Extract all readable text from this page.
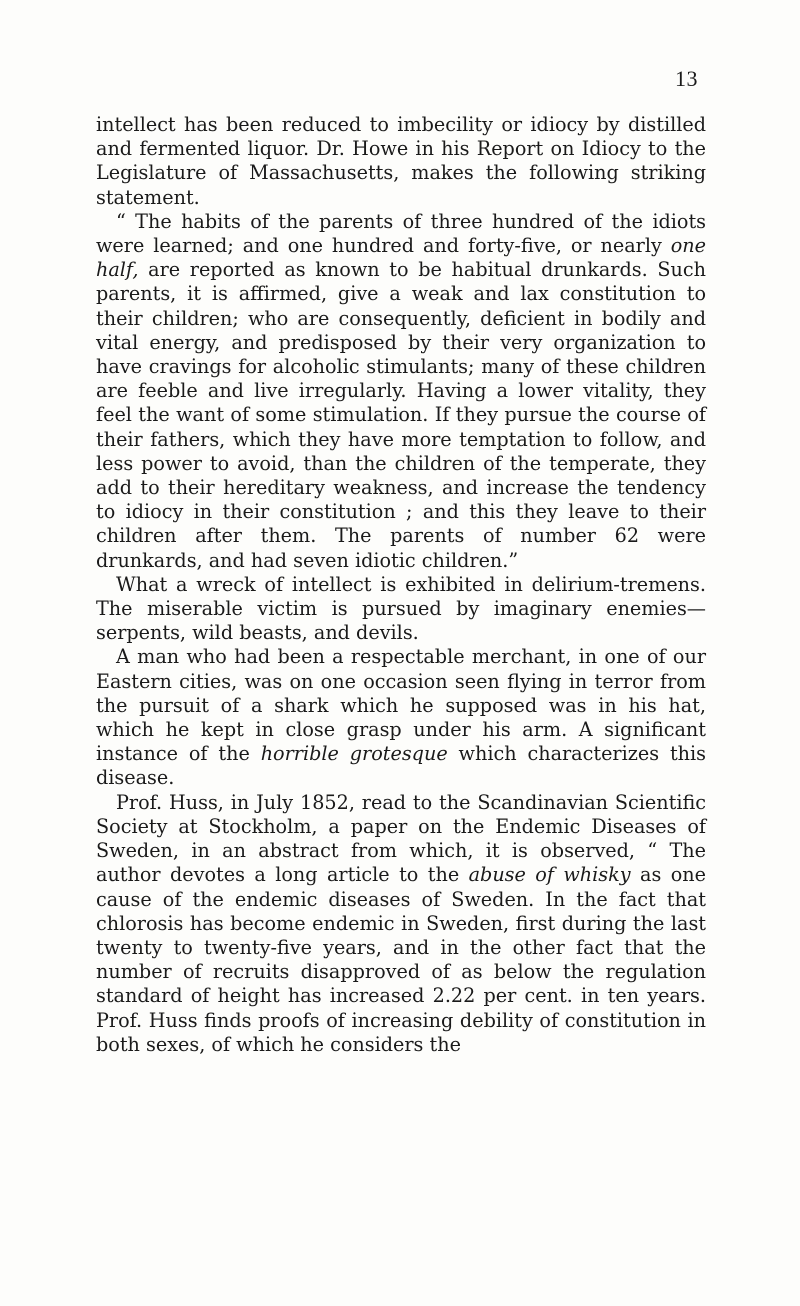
13

intellect has been reduced to imbecility or idiocy by distilled and fermented liquor. Dr. Howe in his Report on Idiocy to the Legislature of Massachusetts, makes the following striking statement.

“ The habits of the parents of three hundred of the idiots were learned; and one hundred and forty-five, or nearly one half, are reported as known to be habitual drunkards. Such parents, it is affirmed, give a weak and lax constitution to their children; who are consequently, deficient in bodily and vital energy, and predisposed by their very organization to have cravings for alcoholic stimulants; many of these children are feeble and live irregularly. Having a lower vitality, they feel the want of some stimulation. If they pursue the course of their fathers, which they have more temptation to follow, and less power to avoid, than the children of the temperate, they add to their hereditary weakness, and increase the tendency to idiocy in their constitution ; and this they leave to their children after them. The parents of number 62 were drunkards, and had seven idiotic children.”

What a wreck of intellect is exhibited in delirium-tremens. The miserable victim is pursued by imaginary enemies—serpents, wild beasts, and devils.

A man who had been a respectable merchant, in one of our Eastern cities, was on one occasion seen flying in terror from the pursuit of a shark which he supposed was in his hat, which he kept in close grasp under his arm. A significant instance of the horrible grotesque which characterizes this disease.

Prof. Huss, in July 1852, read to the Scandinavian Scientific Society at Stockholm, a paper on the Endemic Diseases of Sweden, in an abstract from which, it is observed, “ The author devotes a long article to the abuse of whisky as one cause of the endemic diseases of Sweden. In the fact that chlorosis has become endemic in Sweden, first during the last twenty to twenty-five years, and in the other fact that the number of recruits disapproved of as below the regulation standard of height has increased 2.22 per cent. in ten years. Prof. Huss finds proofs of increasing debility of constitution in both sexes, of which he considers the
